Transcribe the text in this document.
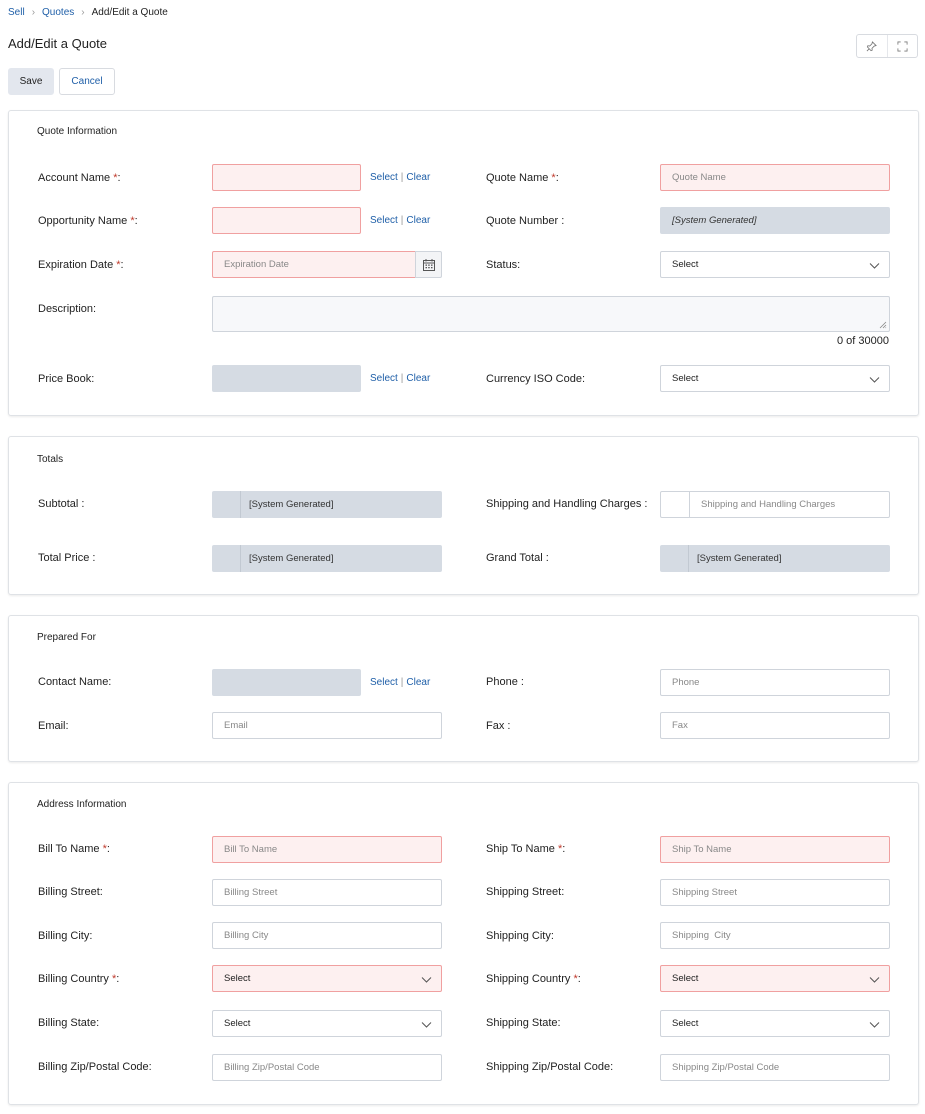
Sell › Quotes › Add/Edit a Quote
Add/Edit a Quote
Save	Cancel
Quote Information
Account Name *:	Select | Clear	Quote Name *:	Quote Name
Opportunity Name *:	Select | Clear	Quote Number :	[System Generated]
Expiration Date *:	Expiration Date	Status:	Select
Description:
0 of 30000
Price Book:	Select | Clear	Currency ISO Code:	Select
Totals
Subtotal :	[System Generated]	Shipping and Handling Charges :	Shipping and Handling Charges
Total Price :	[System Generated]	Grand Total :	[System Generated]
Prepared For
Contact Name:	Select | Clear	Phone :	Phone
Email:	Email	Fax :	Fax
Address Information
Bill To Name *:	Bill To Name	Ship To Name *:	Ship To Name
Billing Street:	Billing Street	Shipping Street:	Shipping Street
Billing City:	Billing City	Shipping City:	Shipping  City
Billing Country *:	Select	Shipping Country *:	Select
Billing State:	Select	Shipping State:	Select
Billing Zip/Postal Code:	Billing Zip/Postal Code	Shipping Zip/Postal Code:	Shipping Zip/Postal Code
